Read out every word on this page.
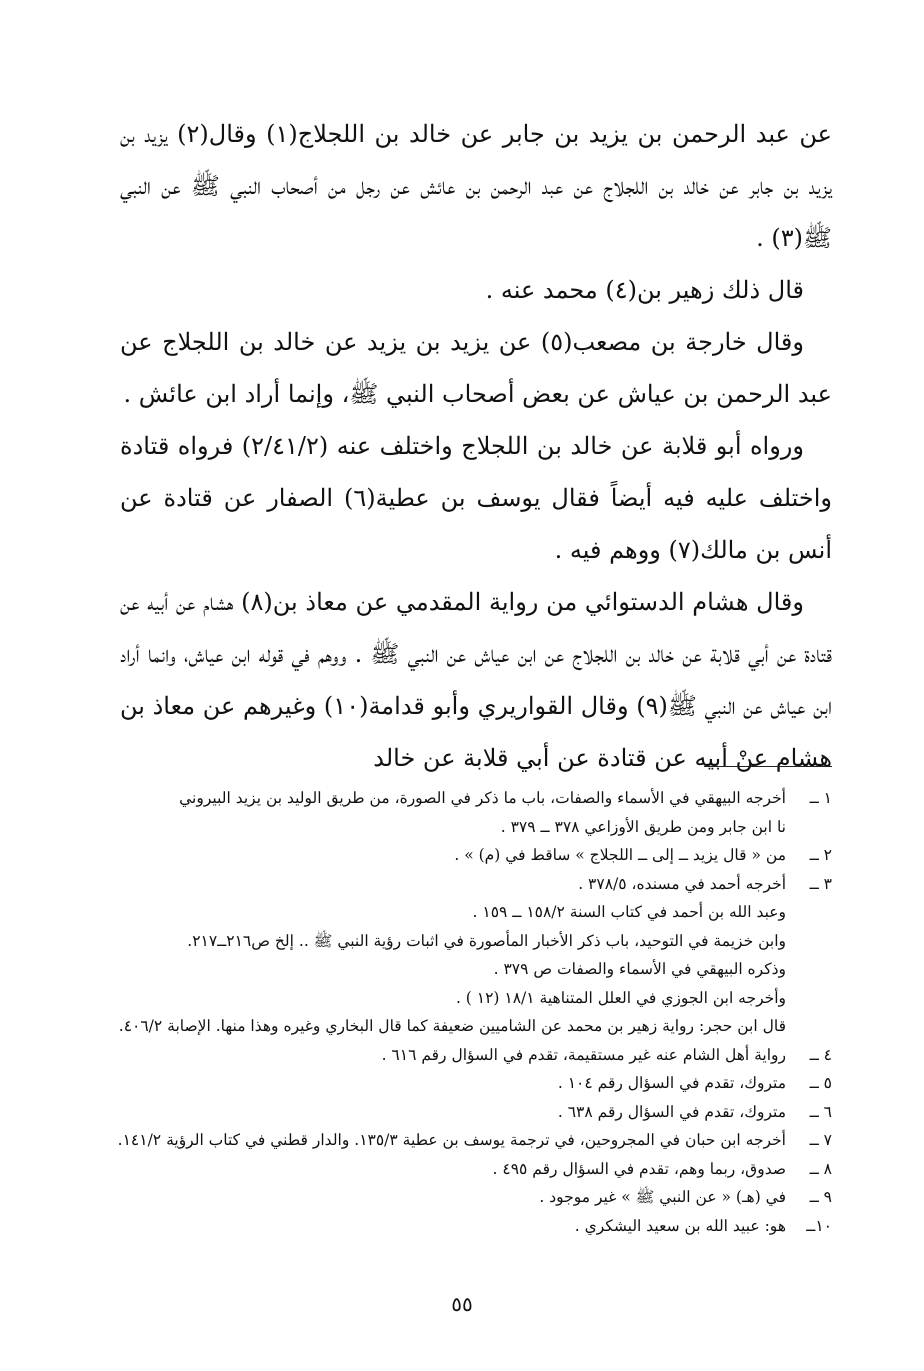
عن عبد الرحمن بن يزيد بن جابر عن خالد بن اللجلاج(١) وقال(٢) يزيد بن يزيد بن جابر عن خالد بن اللجلاج عن عبد الرحمن بن عائش عن رجل من أصحاب النبي ﷺ عن النبي ﷺ(٣) .

قال ذلك زهير بن(٤) محمد عنه .

وقال خارجة بن مصعب(٥) عن يزيد بن يزيد عن خالد بن اللجلاج عن عبد الرحمن بن عياش عن بعض أصحاب النبي ﷺ، وإنما أراد ابن عائش .

ورواه أبو قلابة عن خالد بن اللجلاج واختلف عنه (٢/٤١/٢) فرواه قتادة واختلف عليه فيه أيضاً فقال يوسف بن عطية(٦) الصفار عن قتادة عن أنس بن مالك(٧) ووهم فيه .

وقال هشام الدستوائي من رواية المقدمي عن معاذ بن(٨) هشام عن أبيه عن قتادة عن أبي قلابة عن خالد بن اللجلاج عن ابن عياش عن النبي ﷺ . ووهم في قوله ابن عياش، وانما أراد ابن عياش عن النبي ﷺ(٩) وقال القواريري وأبو قدامة(١٠) وغيرهم عن معاذ بن هشام عنْ أبيه عن قتادة عن أبي قلابة عن خالد

١ ــ
أخرجه البيهقي في الأسماء والصفات، باب ما ذكر في الصورة، من طريق الوليد بن يزيد البيروني
نا ابن جابر ومن طريق الأوزاعي ٣٧٨ ــ ٣٧٩ .
٢ ــ
من « قال يزيد ــ إلى ــ اللجلاج » ساقط في (م) » .
٣ ــ
أخرجه أحمد في مسنده، ٣٧٨/٥ .
وعبد الله بن أحمد في كتاب السنة ١٥٨/٢ ــ ١٥٩ .
وابن خزيمة في التوحيد، باب ذكر الأخبار المأصورة في اثبات رؤية النبي ﷺ .. إلخ ص٢١٦ــ٢١٧.
وذكره البيهقي في الأسماء والصفات ص ٣٧٩ .
وأخرجه ابن الجوزي في العلل المتناهية ١٨/١ (١٢ ) .
قال ابن حجر: رواية زهير بن محمد عن الشاميين ضعيفة كما قال البخاري وغيره وهذا منها. الإصابة ٤٠٦/٢.
٤ ــ
رواية أهل الشام عنه غير مستقيمة، تقدم في السؤال رقم ٦١٦ .
٥ ــ
متروك، تقدم في السؤال رقم ١٠٤ .
٦ ــ
متروك، تقدم في السؤال رقم ٦٣٨ .
٧ ــ
أخرجه ابن حبان في المجروحين، في ترجمة يوسف بن عطية ١٣٥/٣. والدار قطني في كتاب الرؤية ١٤١/٢.
٨ ــ
صدوق، ربما وهم، تقدم في السؤال رقم ٤٩٥ .
٩ ــ
في (هـ) « عن النبي ﷺ » غير موجود .
١٠ــ
هو: عبيد الله بن سعيد اليشكري .
٥٥
